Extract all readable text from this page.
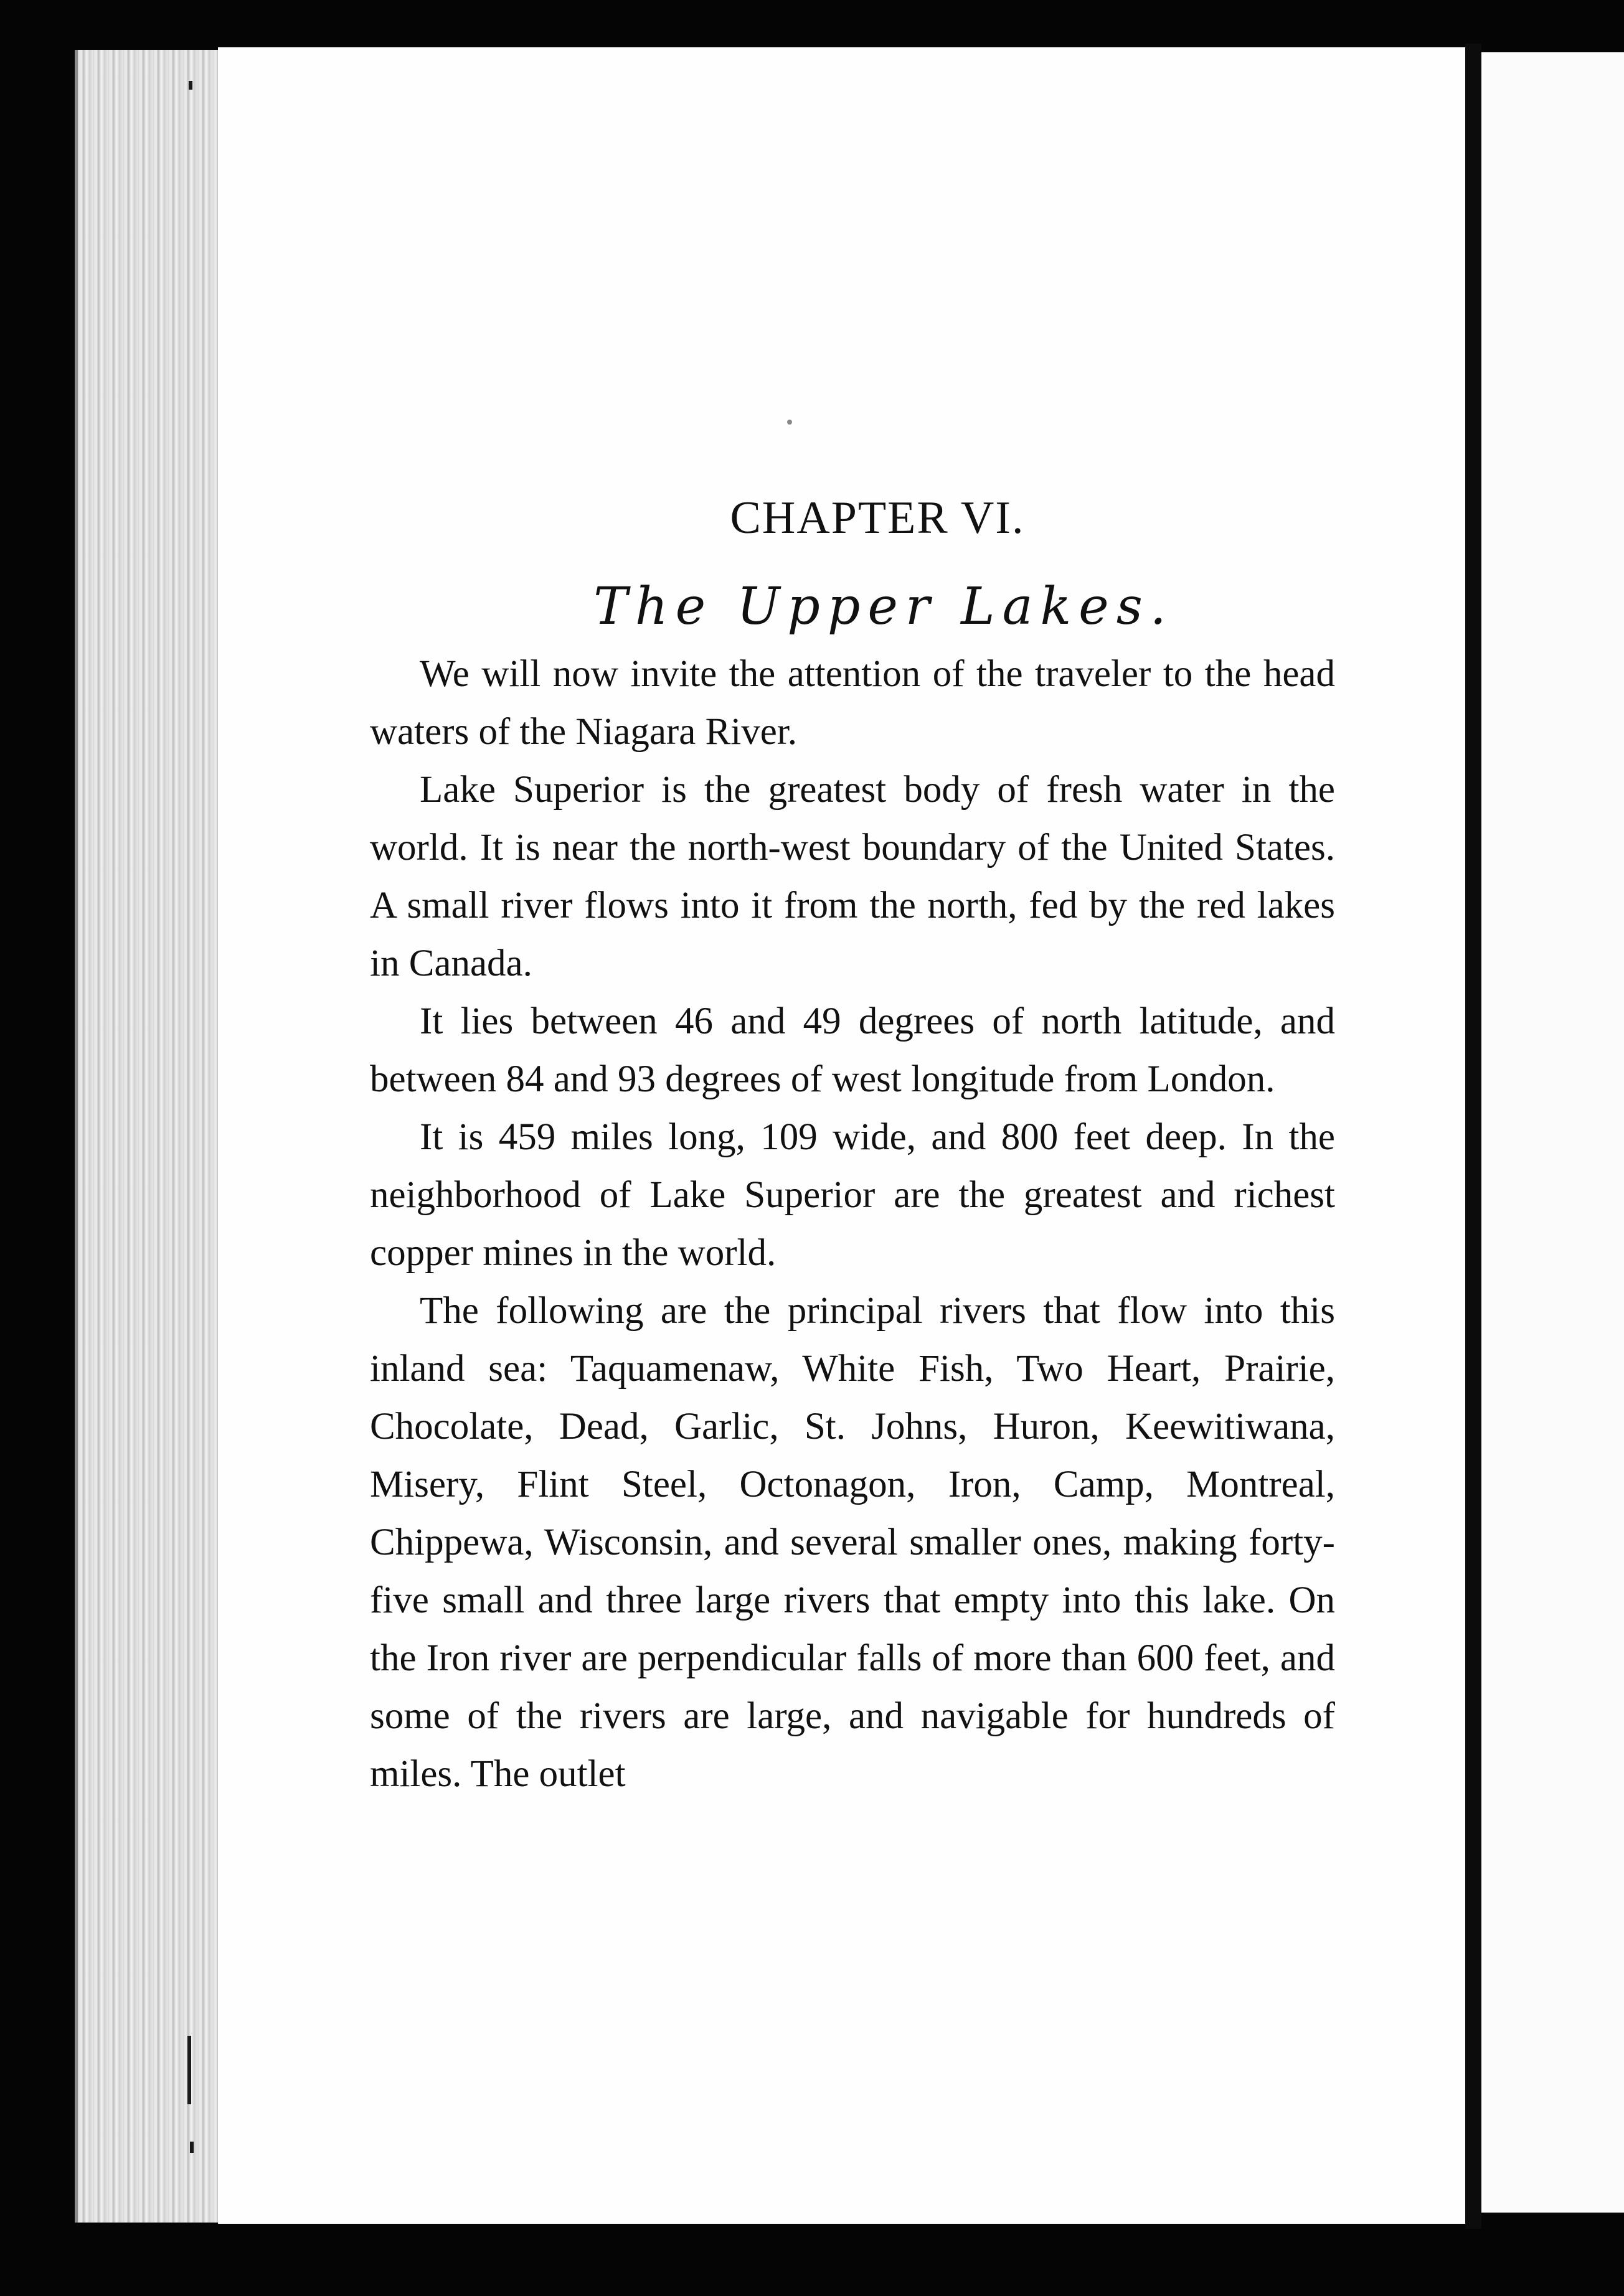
CHAPTER VI.
The Upper Lakes.

We will now invite the attention of the traveler to the head waters of the Niagara River.

Lake Superior is the greatest body of fresh water in the world. It is near the north-west boundary of the United States. A small river flows into it from the north, fed by the red lakes in Canada.

It lies between 46 and 49 degrees of north latitude, and between 84 and 93 degrees of west longitude from London.

It is 459 miles long, 109 wide, and 800 feet deep. In the neighborhood of Lake Superior are the greatest and richest copper mines in the world.

The following are the principal rivers that flow into this inland sea: Taquamenaw, White Fish, Two Heart, Prairie, Chocolate, Dead, Garlic, St. Johns, Huron, Keewitiwana, Misery, Flint Steel, Octonagon, Iron, Camp, Montreal, Chippewa, Wisconsin, and several smaller ones, making forty-five small and three large rivers that empty into this lake. On the Iron river are perpendicular falls of more than 600 feet, and some of the rivers are large, and navigable for hundreds of miles. The outlet
